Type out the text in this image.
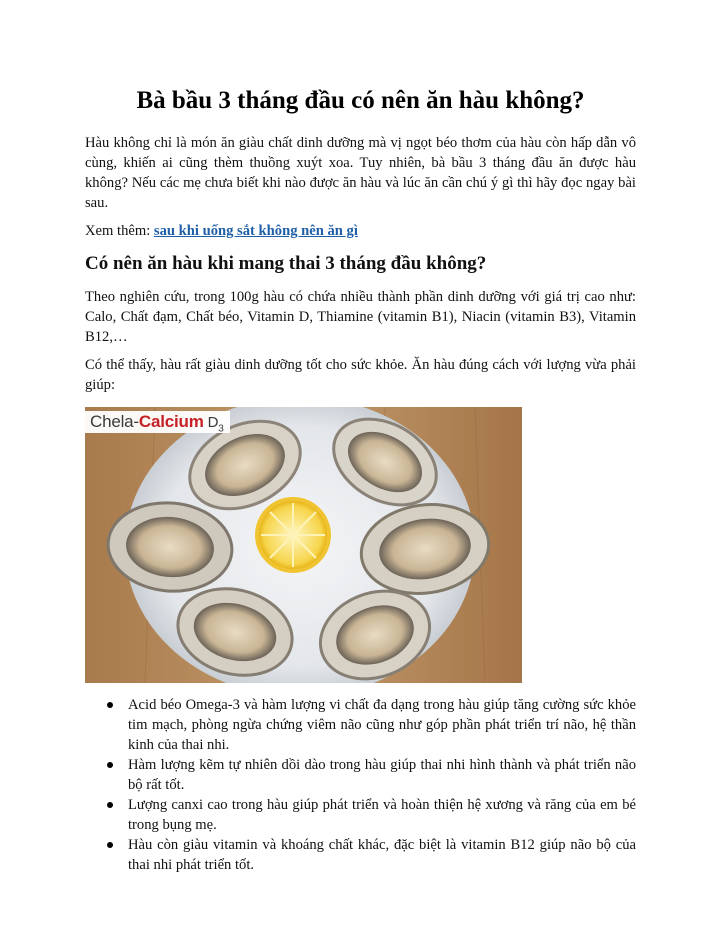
Bà bầu 3 tháng đầu có nên ăn hàu không?

Hàu không chỉ là món ăn giàu chất dinh dưỡng mà vị ngọt béo thơm của hàu còn hấp dẫn vô cùng, khiến ai cũng thèm thuồng xuýt xoa. Tuy nhiên, bà bầu 3 tháng đầu ăn được hàu không? Nếu các mẹ chưa biết khi nào được ăn hàu và lúc ăn cần chú ý gì thì hãy đọc ngay bài sau.

Xem thêm: sau khi uống sắt không nên ăn gì

Có nên ăn hàu khi mang thai 3 tháng đầu không?

Theo nghiên cứu, trong 100g hàu có chứa nhiều thành phần dinh dưỡng với giá trị cao như: Calo, Chất đạm, Chất béo, Vitamin D, Thiamine (vitamin B1), Niacin (vitamin B3), Vitamin B12,…

Có thể thấy, hàu rất giàu dinh dưỡng tốt cho sức khỏe. Ăn hàu đúng cách với lượng vừa phải giúp:

Chela-Calcium $D_3$
Acid béo Omega-3 và hàm lượng vi chất đa dạng trong hàu giúp tăng cường sức khỏe tim mạch, phòng ngừa chứng viêm não cũng như góp phần phát triển trí não, hệ thần kinh của thai nhi.
Hàm lượng kẽm tự nhiên dồi dào trong hàu giúp thai nhi hình thành và phát triển não bộ rất tốt.
Lượng canxi cao trong hàu giúp phát triển và hoàn thiện hệ xương và răng của em bé trong bụng mẹ.
Hàu còn giàu vitamin và khoáng chất khác, đặc biệt là vitamin B12 giúp não bộ của thai nhi phát triển tốt.
